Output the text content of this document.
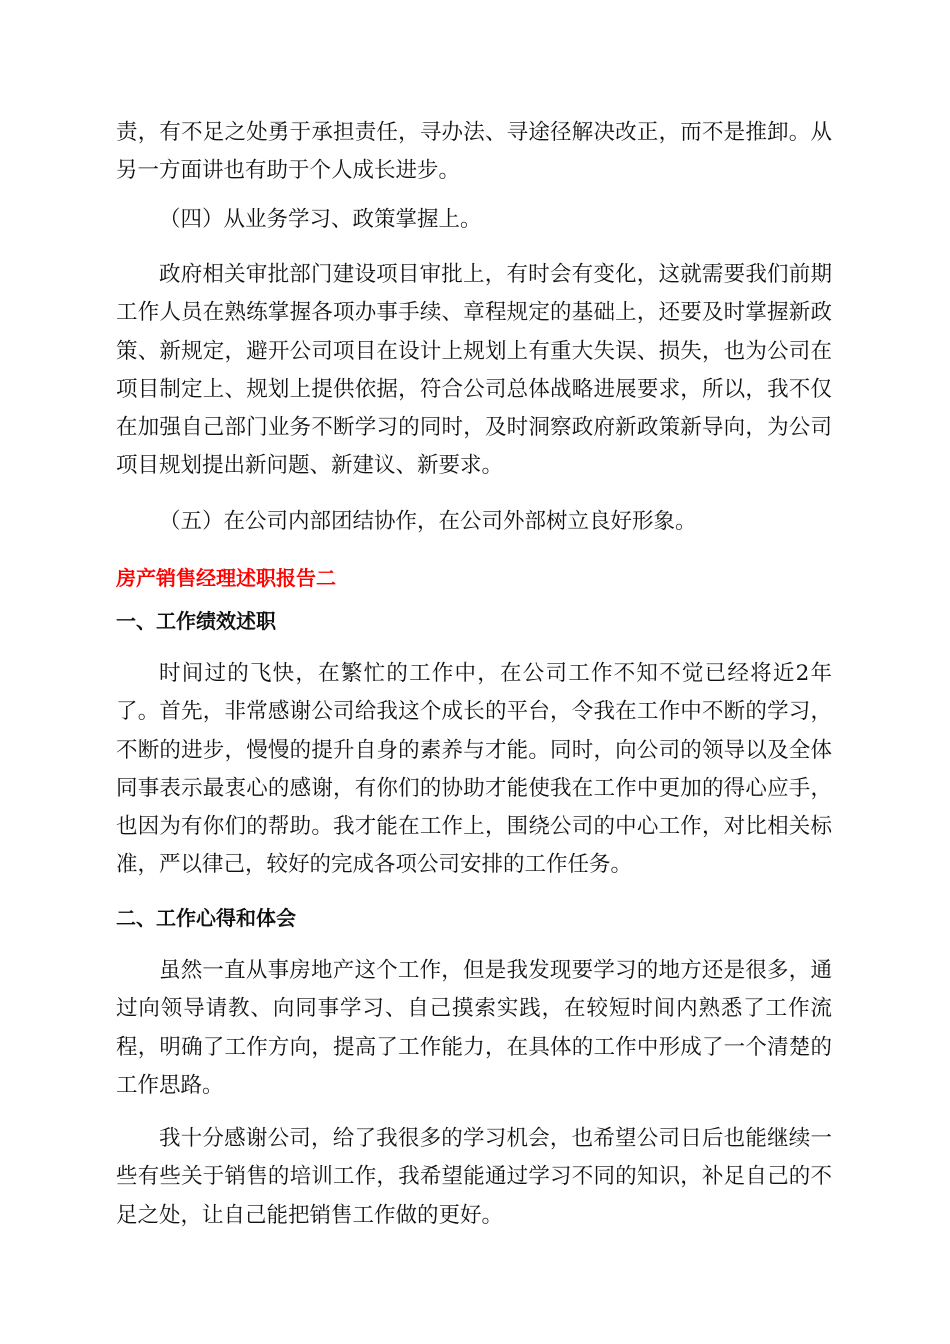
责，有不足之处勇于承担责任，寻办法、寻途径解决改正，而不是推卸。从另一方面讲也有助于个人成长进步。

（四）从业务学习、政策掌握上。

政府相关审批部门建设项目审批上，有时会有变化，这就需要我们前期工作人员在熟练掌握各项办事手续、章程规定的基础上，还要及时掌握新政策、新规定，避开公司项目在设计上规划上有重大失误、损失，也为公司在项目制定上、规划上提供依据，符合公司总体战略进展要求，所以，我不仅在加强自己部门业务不断学习的同时，及时洞察政府新政策新导向，为公司项目规划提出新问题、新建议、新要求。

（五）在公司内部团结协作，在公司外部树立良好形象。

房产销售经理述职报告二
一、工作绩效述职

时间过的飞快，在繁忙的工作中，在公司工作不知不觉已经将近2年了。首先，非常感谢公司给我这个成长的平台，令我在工作中不断的学习，不断的进步，慢慢的提升自身的素养与才能。同时，向公司的领导以及全体同事表示最衷心的感谢，有你们的协助才能使我在工作中更加的得心应手，也因为有你们的帮助。我才能在工作上，围绕公司的中心工作，对比相关标准，严以律己，较好的完成各项公司安排的工作任务。

二、工作心得和体会

虽然一直从事房地产这个工作，但是我发现要学习的地方还是很多，通过向领导请教、向同事学习、自己摸索实践，在较短时间内熟悉了工作流程，明确了工作方向，提高了工作能力，在具体的工作中形成了一个清楚的工作思路。

我十分感谢公司，给了我很多的学习机会，也希望公司日后也能继续一些有些关于销售的培训工作，我希望能通过学习不同的知识，补足自己的不足之处，让自己能把销售工作做的更好。
